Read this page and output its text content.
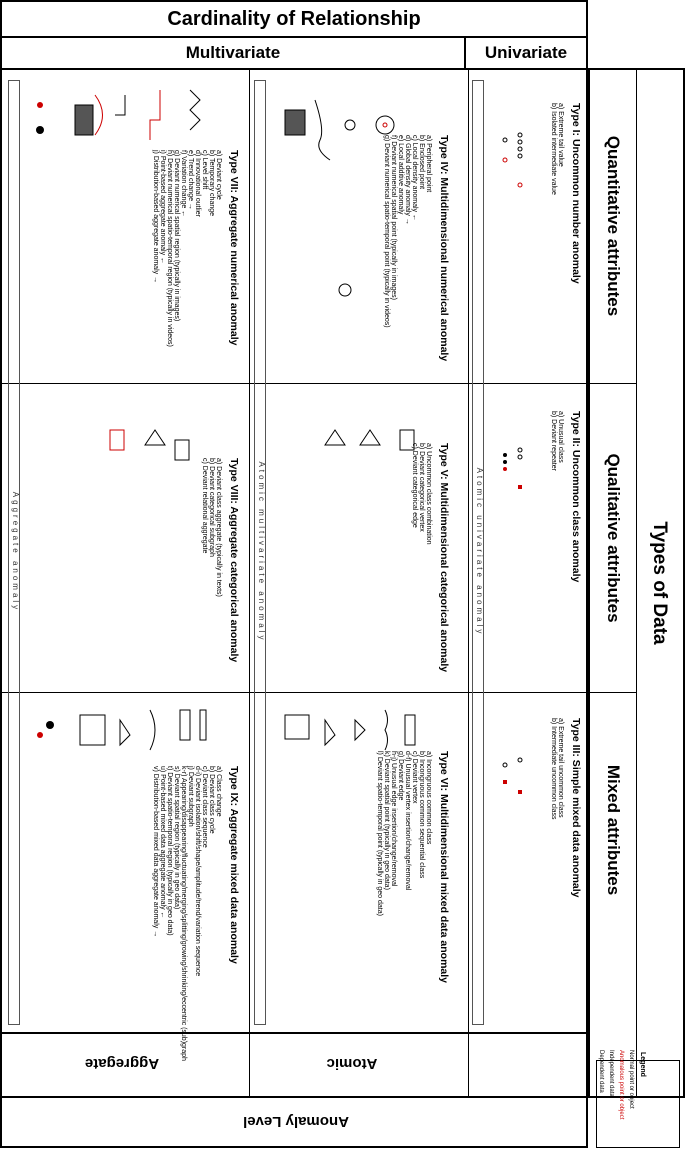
Cardinality of Relationship
Multivariate	Univariate
Types of Data
Quantitative attributes
Qualitative attributes
Mixed attributes
Legend
Normal point or object
Anomalous point or object
Independent data
Dependent data
Atomic
Aggregate
Anomaly Level
Atomic univariate anomaly
Atomic multivariate anomaly
Aggregate anomaly
Type I: Uncommon number anomaly
a) Extreme tail value
b) Isolated intermediate value
Type II: Uncommon class anomaly
a) Unusual class
b) Deviant repeater
Type III: Simple mixed data anomaly
a) Extreme tail uncommon class
b) Intermediate uncommon class
Type IV: Multidimensional numerical anomaly
a) Peripheral point
b) Enclosed point
c) Local density anomaly ←
d) Global density anomaly →
e) Local additive anomaly
f) Deviant numerical spatial point (typically in images)
g) Deviant numerical spatio-temporal point (typically in videos)
Type V: Multidimensional categorical anomaly
a) Uncommon class combination
b) Deviant categorical vertex
c) Deviant categorical edge
Type VI: Multidimensional mixed data anomaly
a) Incongruous common class
b) Incongruous common sequential class
c) Deviant vertex
d-f) Unusual vertex insertion/change/removal
g) Deviant edge
h-j) Unusual edge insertion/change/removal
k) Deviant spatial point (typically in geo data)
l) Deviant spatio-temporal point (typically in geo data)
Type VII: Aggregate numerical anomaly
a) Deviant cycle
b) Temporary change
c) Level shift
d) Innovational outlier
e) Trend change →
f) Variation change ←
g) Deviant numerical spatial region (typically in images)
h) Deviant numerical spatio-temporal region (typically in videos)
i) Point-based aggregate anomaly ←
j) Distribution-based aggregate anomaly →
Type VIII: Aggregate categorical anomaly
a) Deviant class aggregate (typically in texts)
b) Deviant categorical subgraph
c) Deviant relational aggregate
Type IX: Aggregate mixed data anomaly
a) Class change
b) Deviant class cycle
c) Deviant class sequence
d-i) Deviant isolation/shift/shape/amplitude/trend/variation sequence
j) Deviant subgraph
k-r) Appearing/disappearing/fluctuating/merging/splitting/growing/shrinking/eccentric (sub)graph
s) Deviant spatial region (typically in geo data)
t) Deviant spatio-temporal region (typically in geo data)
u) Point-based mixed data aggregate anomaly ←
v) Distribution-based mixed data aggregate anomaly →
